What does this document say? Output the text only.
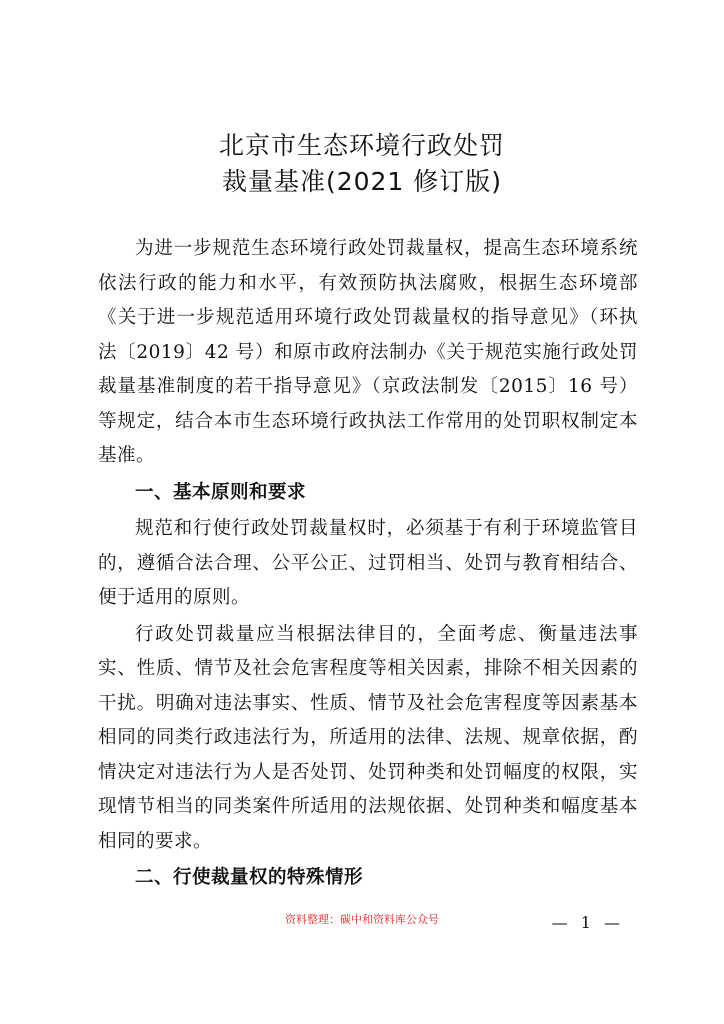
北京市生态环境行政处罚
裁量基准(2021 修订版)

为进一步规范生态环境行政处罚裁量权，提高生态环境系统依法行政的能力和水平，有效预防执法腐败，根据生态环境部《关于进一步规范适用环境行政处罚裁量权的指导意见》（环执法〔2019〕42 号）和原市政府法制办《关于规范实施行政处罚裁量基准制度的若干指导意见》（京政法制发〔2015〕16 号）等规定，结合本市生态环境行政执法工作常用的处罚职权制定本基准。

一、基本原则和要求

规范和行使行政处罚裁量权时，必须基于有利于环境监管目的，遵循合法合理、公平公正、过罚相当、处罚与教育相结合、便于适用的原则。

行政处罚裁量应当根据法律目的，全面考虑、衡量违法事实、性质、情节及社会危害程度等相关因素，排除不相关因素的干扰。明确对违法事实、性质、情节及社会危害程度等因素基本相同的同类行政违法行为，所适用的法律、法规、规章依据，酌情决定对违法行为人是否处罚、处罚种类和处罚幅度的权限，实现情节相当的同类案件所适用的法规依据、处罚种类和幅度基本相同的要求。

二、行使裁量权的特殊情形

资料整理：碳中和资料库公众号	— 1 —
